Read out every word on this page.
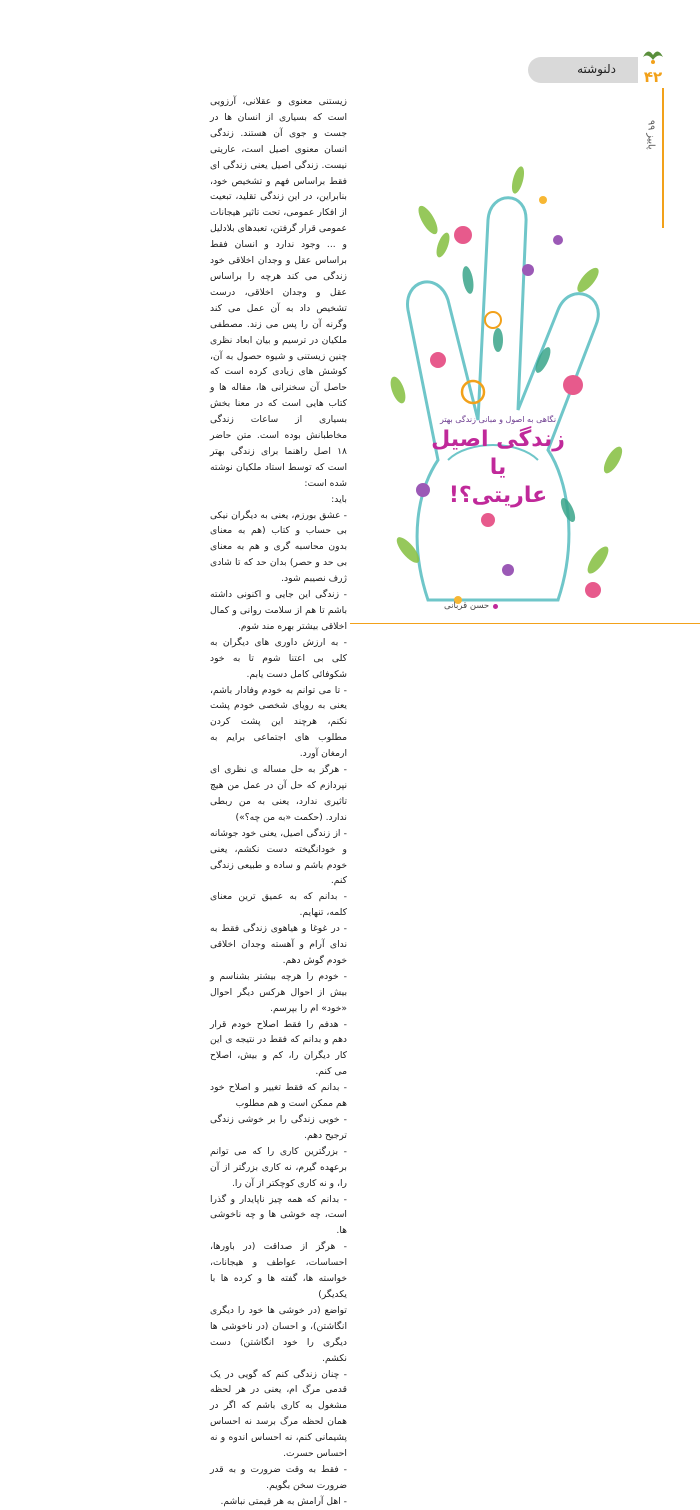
دلنوشته ۴۲
پاییز ۹۹

زیستنی معنوی و عقلانی، آرزویی است که بسیاری از انسان ها در جست و جوی آن هستند. زندگی انسان معنوی اصیل است، عاریتی نیست. زندگی اصیل یعنی زندگی ای فقط براساس فهم و تشخیص خود، بنابراین، در این زندگی تقلید، تبعیت از افکار عمومی، تحت تاثیر هیجانات عمومی قرار گرفتن، تعبدهای بلادلیل و ... وجود ندارد و انسان فقط براساس عقل و وجدان اخلاقی خود زندگی می کند هرچه را براساس عقل و وجدان اخلاقی، درست تشخیص داد به آن عمل می کند وگرنه آن را پس می زند. مصطفی ملکیان در ترسیم و بیان ابعاد نظری چنین زیستنی و شیوه حصول به آن، کوشش های زیادی کرده است که حاصل آن سخنرانی ها، مقاله ها و کتاب هایی است که در معنا بخش بسیاری از ساعات زندگی مخاطبانش بوده است. متن حاضر ۱۸ اصل راهنما برای زندگی بهتر است که توسط استاد ملکیان نوشته شده است:

باید:

- عشق بورزم، یعنی به دیگران نیکی بی حساب و کتاب (هم به معنای بدون محاسبه گری و هم به معنای بی حد و حصر) بدان حد که تا شادی ژرف نصیبم شود.

- زندگی این جایی و اکنونی داشته باشم تا هم از سلامت روانی و کمال اخلاقی بیشتر بهره مند شوم.

- به ارزش داوری های دیگران به کلی بی اعتنا شوم تا به خود شکوفائی کامل دست یابم.

- تا می توانم به خودم وفادار باشم، یعنی به رویای شخصی خودم پشت نکنم، هرچند این پشت کردن مطلوب های اجتماعی برایم به ارمغان آورد.

- هرگز به حل مساله ی نظری ای نپردازم که حل آن در عمل من هیچ تاثیری ندارد، یعنی به من ربطی ندارد. (حکمت «به من چه؟»)

- از زندگی اصیل، یعنی خود جوشانه و خودانگیخته دست نکشم، یعنی خودم باشم و ساده و طبیعی زندگی کنم.

- بدانم که به عمیق ترین معنای کلمه، تنهایم.

- در غوغا و هیاهوی زندگی فقط به ندای آرام و آهسته وجدان اخلاقی خودم گوش دهم.

- خودم را هرچه بیشتر بشناسم و بیش از احوال هرکس دیگر احوال «خود» ام را بپرسم.

- هدفم را فقط اصلاح خودم قرار دهم و بدانم که فقط در نتیجه ی این کار دیگران را، کم و بیش، اصلاح می کنم.

- بدانم که فقط تغییر و اصلاح خود هم ممکن است و هم مطلوب

- خوبی زندگی را بر خوشی زندگی ترجیح دهم.

- بزرگترین کاری را که می توانم برعهده گیرم، نه کاری بزرگتر از آن را، و نه کاری کوچکتر از آن را.

- بدانم که همه چیز ناپایدار و گذرا است، چه خوشی ها و چه ناخوشی ها.

- هرگز از صداقت (در باورها، احساسات، عواطف و هیجانات، خواسته ها، گفته ها و کرده ها با یکدیگر)

تواضع (در خوشی ها خود را دیگری انگاشتن)، و احسان (در ناخوشی ها دیگری را خود انگاشتن) دست نکشم.

- چنان زندگی کنم که گویی در یک قدمی مرگ ام، یعنی در هر لحظه مشغول به کاری باشم که اگر در همان لحظه مرگ برسد نه احساس پشیمانی کنم، نه احساس اندوه و نه احساس حسرت.

- فقط به وقت ضرورت و به قدر ضرورت سخن بگویم.

- اهل آرامش به هر قیمتی نباشم.

نگاهی به اصول و مبانی زندگی بهتر
زندگی اصیل
یا
عاریتی؟!
حسن قربانی
